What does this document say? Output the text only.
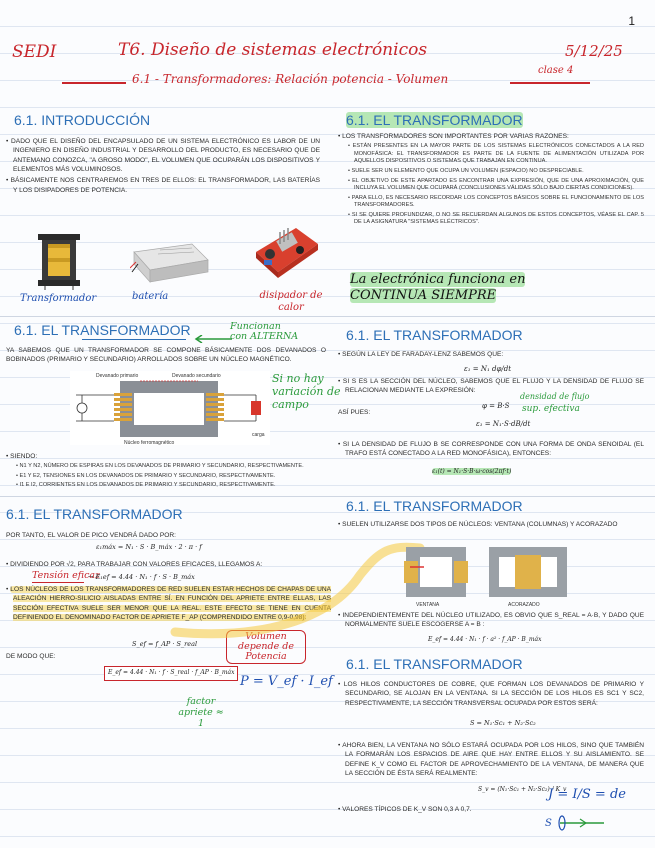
1
SEDI	T6. Diseño de sistemas electrónicos	5/12/25
6.1 - Transformadores: Relación potencia - Volumen
clase 4
6.1. INTRODUCCIÓN

• DADO QUE EL DISEÑO DEL ENCAPSULADO DE UN SISTEMA ELECTRÓNICO ES LABOR DE UN INGENIERO EN DISEÑO INDUSTRIAL Y DESARROLLO DEL PRODUCTO, ES NECESARIO QUE DE ANTEMANO CONOZCA, "A GROSO MODO", EL VOLUMEN QUE OCUPARÁN LOS DISPOSITIVOS Y ELEMENTOS MÁS VOLUMINOSOS.

• BÁSICAMENTE NOS CENTRAREMOS EN TRES DE ELLOS: EL TRANSFORMADOR, LAS BATERÍAS Y LOS DISIPADORES DE POTENCIA.

Transformador	batería	disipador de calor
6.1. EL TRANSFORMADOR

• LOS TRANSFORMADORES SON IMPORTANTES POR VARIAS RAZONES:

• ESTÁN PRESENTES EN LA MAYOR PARTE DE LOS SISTEMAS ELECTRÓNICOS CONECTADOS A LA RED MONOFÁSICA: EL TRANSFORMADOR ES PARTE DE LA FUENTE DE ALIMENTACIÓN UTILIZADA POR AQUELLOS DISPOSITIVOS O SISTEMAS QUE TRABAJAN EN CONTINUA.

• SUELE SER UN ELEMENTO QUE OCUPA UN VOLUMEN (ESPACIO) NO DESPRECIABLE.

• EL OBJETIVO DE ESTE APARTADO ES ENCONTRAR UNA EXPRESIÓN, QUE DE UNA APROXIMACIÓN, QUE INCLUYA EL VOLUMEN QUE OCUPARÁ (CONCLUSIONES VÁLIDAS SÓLO BAJO CIERTAS CONDICIONES).

• PARA ELLO, ES NECESARIO RECORDAR LOS CONCEPTOS BÁSICOS SOBRE EL FUNCIONAMIENTO DE LOS TRANSFORMADORES.

• SI SE QUIERE PROFUNDIZAR, O NO SE RECUERDAN ALGUNOS DE ESTOS CONCEPTOS, VÉASE EL CAP. 5 DE LA ASIGNATURA "SISTEMAS ELÉCTRICOS".

La electrónica funciona en
CONTINUA SIEMPRE
6.1. EL TRANSFORMADOR	Funcionan con ALTERNA
YA SABEMOS QUE UN TRANSFORMADOR SE COMPONE BÁSICAMENTE DOS DEVANADOS O BOBINADOS (PRIMARIO Y SECUNDARIO) ARROLLADOS SOBRE UN NÚCLEO MAGNÉTICO.
Devanado primario	Devanado secundario
Núcleo ferromagnético
carga
Si no hay variación de campo

• SIENDO:

• N1 Y N2, NÚMERO DE ESPIRAS EN LOS DEVANADOS DE PRIMARIO Y SECUNDARIO, RESPECTIVAMENTE.

• E1 Y E2, TENSIONES EN LOS DEVANADOS DE PRIMARIO Y SECUNDARIO, RESPECTIVAMENTE.

• I1 E I2, CORRIENTES EN LOS DEVANADOS DE PRIMARIO Y SECUNDARIO, RESPECTIVAMENTE.

6.1. EL TRANSFORMADOR

• SEGÚN LA LEY DE FARADAY-LENZ SABEMOS QUE:

ε₁ = N₁ dφ/dt

• SI S ES LA SECCIÓN DEL NÚCLEO, SABEMOS QUE EL FLUJO Y LA DENSIDAD DE FLUJO SE RELACIONAN MEDIANTE LA EXPRESIÓN:

φ = B·S
densidad de flujo
sup. efectiva
ASÍ PUES:
ε₁ = N₁·S·dB/dt

• SI LA DENSIDAD DE FLUJO B SE CORRESPONDE CON UNA FORMA DE ONDA SENOIDAL (EL TRAFO ESTÁ CONECTADO A LA RED MONOFÁSICA), ENTONCES:

ε₁(t) = N₁·S·B·ω·cos(2πf·t)
6.1. EL TRANSFORMADOR
POR TANTO, EL VALOR DE PICO VENDRÁ DADO POR:
ε₁máx = N₁ · S · B_máx · 2 · π · f

• DIVIDIENDO POR √2, PARA TRABAJAR CON VALORES EFICACES, LLEGAMOS A:

Tensión eficaz
→ E₁ef = 4.44 · N₁ · f · S · B_máx

• LOS NÚCLEOS DE LOS TRANSFORMADORES DE RED SUELEN ESTAR HECHOS DE CHAPAS DE UNA ALEACIÓN HIERRO-SILICIO AISLADAS ENTRE SÍ. EN FUNCIÓN DEL APRIETE ENTRE ELLAS, LAS SECCIÓN EFECTIVA SUELE SER MENOR QUE LA REAL. ESTE EFECTO SE TIENE EN CUENTA DEFINIENDO EL DENOMINADO FACTOR DE APRIETE F_AP (COMPRENDIDO ENTRE 0,9-0,98):

S_ef = f_AP · S_real
DE MODO QUE:
E_ef = 4.44 · N₁ · f · S_real · f_AP · B_máx
Volumen depende de Potencia
P = V_ef · I_ef
factor apriete ≈ 1
6.1. EL TRANSFORMADOR

• SUELEN UTILIZARSE DOS TIPOS DE NÚCLEOS: VENTANA (COLUMNAS) Y ACORAZADO

VENTANA	ACORAZADO

• INDEPENDIENTEMENTE DEL NÚCLEO UTILIZADO, ES OBVIO QUE S_REAL = A·B, Y DADO QUE NORMALMENTE SUELE ESCOGERSE A = B :

E_ef = 4.44 · N₁ · f · a² · f_AP · B_máx
6.1. EL TRANSFORMADOR

• LOS HILOS CONDUCTORES DE COBRE, QUE FORMAN LOS DEVANADOS DE PRIMARIO Y SECUNDARIO, SE ALOJAN EN LA VENTANA. SI LA SECCIÓN DE LOS HILOS ES SC1 Y SC2, RESPECTIVAMENTE, LA SECCIÓN TRANSVERSAL OCUPADA POR ESTOS SERÁ:

S = N₁·Sc₁ + N₂·Sc₂

• AHORA BIEN, LA VENTANA NO SÓLO ESTARÁ OCUPADA POR LOS HILOS, SINO QUE TAMBIÉN LA FORMARÁN LOS ESPACIOS DE AIRE QUE HAY ENTRE ELLOS Y SU AISLAMIENTO. SE DEFINE K_V COMO EL FACTOR DE APROVECHAMIENTO DE LA VENTANA, DE MANERA QUE LA SECCIÓN DE ÉSTA SERÁ REALMENTE:

S_v = (N₁·Sc₁ + N₂·Sc₂) / K_v

• VALORES TÍPICOS DE K_V SON 0,3 A 0,7.

J = I/S = de
S
